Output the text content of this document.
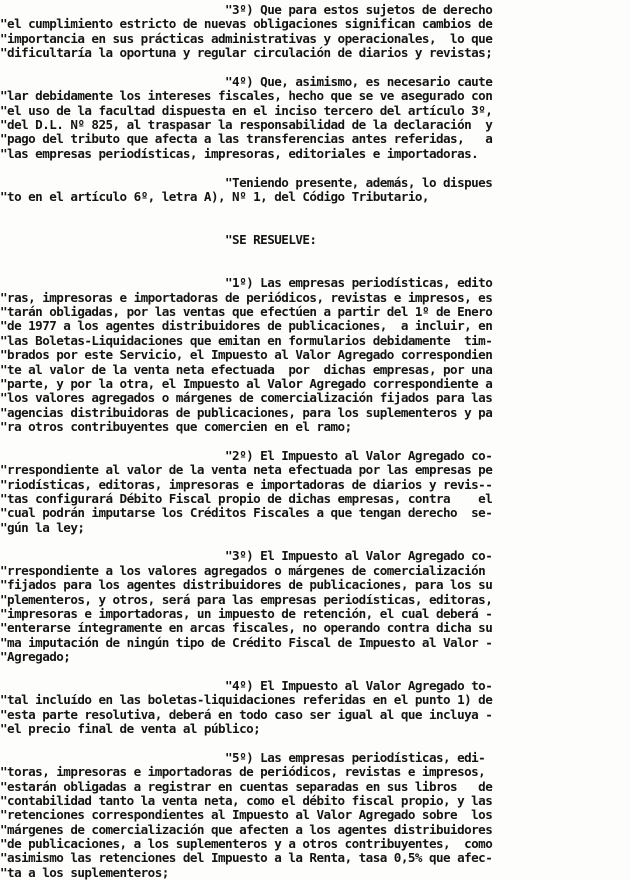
"3º) Que para estos sujetos de derecho
"el cumplimiento estricto de nuevas obligaciones significan cambios de
"importancia en sus prácticas administrativas y operacionales,  lo que
"dificultaría la oportuna y regular circulación de diarios y revistas;
"4º) Que, asimismo, es necesario caute
"lar debidamente los intereses fiscales, hecho que se ve asegurado con
"el uso de la facultad dispuesta en el inciso tercero del artículo 3º,
"del D.L. Nº 825, al traspasar la responsabilidad de la declaración  y
"pago del tributo que afecta a las transferencias antes referidas,   a
"las empresas periodísticas, impresoras, editoriales e importadoras.
"Teniendo presente, además, lo dispues
"to en el artículo 6º, letra A), Nº 1, del Código Tributario,
"SE RESUELVE:
"1º) Las empresas periodísticas, edito
"ras, impresoras e importadoras de periódicos, revistas e impresos, es
"tarán obligadas, por las ventas que efectúen a partir del 1º de Enero
"de 1977 a los agentes distribuidores de publicaciones,  a incluir, en
"las Boletas-Liquidaciones que emitan en formularios debidamente  tim-
"brados por este Servicio, el Impuesto al Valor Agregado correspondien
"te al valor de la venta neta efectuada  por  dichas empresas, por una
"parte, y por la otra, el Impuesto al Valor Agregado correspondiente a
"los valores agregados o márgenes de comercialización fijados para las
"agencias distribuidoras de publicaciones, para los suplementeros y pa
"ra otros contribuyentes que comercien en el ramo;
"2º) El Impuesto al Valor Agregado co-
"rrespondiente al valor de la venta neta efectuada por las empresas pe
"riodísticas, editoras, impresoras e importadoras de diarios y revis--
"tas configurará Débito Fiscal propio de dichas empresas, contra    el
"cual podrán imputarse los Créditos Fiscales a que tengan derecho  se-
"gún la ley;
"3º) El Impuesto al Valor Agregado co-
"rrespondiente a los valores agregados o márgenes de comercialización
"fijados para los agentes distribuidores de publicaciones, para los su
"plementeros, y otros, será para las empresas periodísticas, editoras,
"impresoras e importadoras, un impuesto de retención, el cual deberá -
"enterarse íntegramente en arcas fiscales, no operando contra dicha su
"ma imputación de ningún tipo de Crédito Fiscal de Impuesto al Valor -
"Agregado;
"4º) El Impuesto al Valor Agregado to-
"tal incluído en las boletas-liquidaciones referidas en el punto 1) de
"esta parte resolutiva, deberá en todo caso ser igual al que incluya -
"el precio final de venta al público;
"5º) Las empresas periodísticas, edi-
"toras, impresoras e importadoras de periódicos, revistas e impresos,
"estarán obligadas a registrar en cuentas separadas en sus libros   de
"contabilidad tanto la venta neta, como el débito fiscal propio, y las
"retenciones correspondientes al Impuesto al Valor Agregado sobre  los
"márgenes de comercialización que afecten a los agentes distribuidores
"de publicaciones, a los suplementeros y a otros contribuyentes,  como
"asimismo las retenciones del Impuesto a la Renta, tasa 0,5% que afec-
"ta a los suplementeros;
